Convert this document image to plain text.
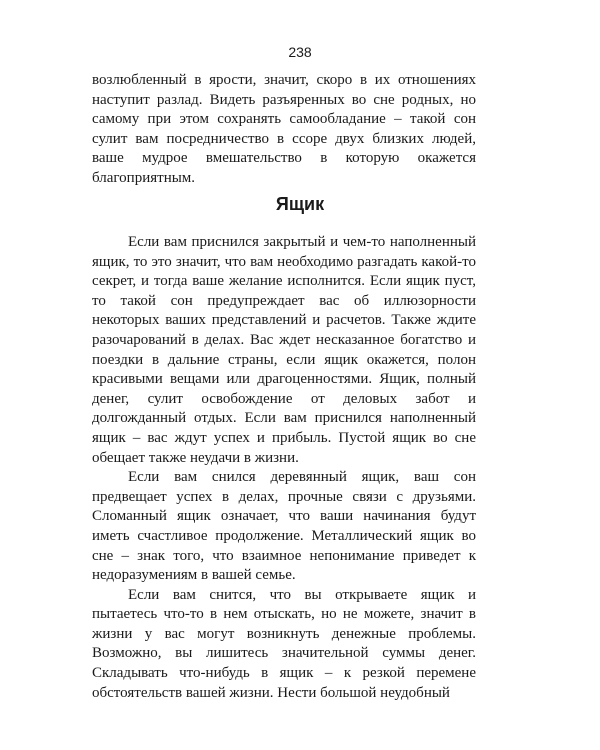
238

возлюбленный в ярости, значит, скоро в их отношениях наступит разлад. Видеть разъяренных во сне родных, но самому при этом сохранять самообладание – такой сон сулит вам посредничество в ссоре двух близких людей, ваше мудрое вмешательство в которую окажется благоприятным.

Ящик

Если вам приснился закрытый и чем-то наполненный ящик, то это значит, что вам необходимо разгадать какой-то секрет, и тогда ваше желание исполнится. Если ящик пуст, то такой сон предупреждает вас об иллюзорности некоторых ваших представлений и расчетов. Также ждите разочарований в делах. Вас ждет несказанное богатство и поездки в дальние страны, если ящик окажется, полон красивыми вещами или драгоценностями. Ящик, полный денег, сулит освобождение от деловых забот и долгожданный отдых. Если вам приснился наполненный ящик – вас ждут успех и прибыль. Пустой ящик во сне обещает также неудачи в жизни.

Если вам снился деревянный ящик, ваш сон предвещает успех в делах, прочные связи с друзьями. Сломанный ящик означает, что ваши начинания будут иметь счастливое продолжение. Металлический ящик во сне – знак того, что взаимное непонимание приведет к недоразумениям в вашей семье.

Если вам снится, что вы открываете ящик и пытаетесь что-то в нем отыскать, но не можете, значит в жизни у вас могут возникнуть денежные проблемы. Возможно, вы лишитесь значительной суммы денег. Складывать что-нибудь в ящик – к резкой перемене обстоятельств вашей жизни. Нести большой неудобный
